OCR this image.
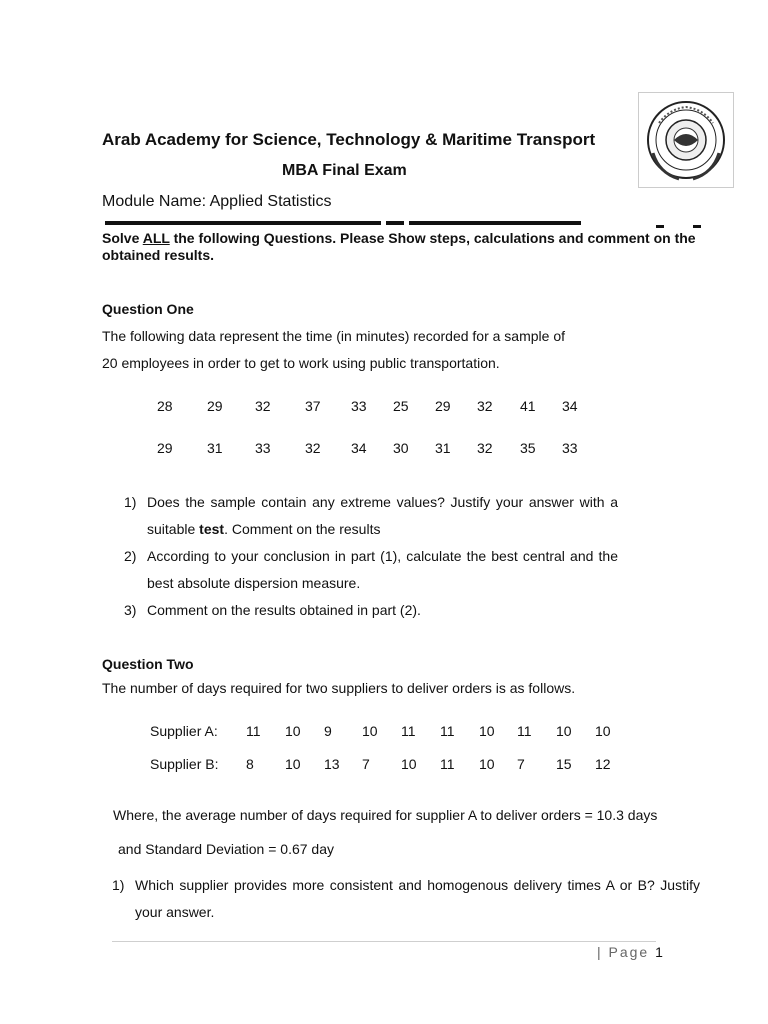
Arab Academy for Science, Technology & Maritime Transport
MBA Final Exam
Module Name: Applied Statistics
Solve ALL the following Questions. Please Show steps, calculations and comment on the obtained results.
Question One
The following data represent the time (in minutes) recorded for a sample of
20 employees in order to get to work using public transportation.
28 29 32 37 33 25 29 32 41 34
29 31 33 32 34 30 31 32 35 33
1) Does the sample contain any extreme values? Justify your answer with a suitable test. Comment on the results
2) According to your conclusion in part (1), calculate the best central and the best absolute dispersion measure.
3) Comment on the results obtained in part (2).
Question Two
The number of days required for two suppliers to deliver orders is as follows.
Supplier A: 11 10 9 10 11 11 10 11 10 10
Supplier B: 8 10 13 7 10 11 10 7 15 12
Where, the average number of days required for supplier A to deliver orders = 10.3 days
and Standard Deviation = 0.67 day
1) Which supplier provides more consistent and homogenous delivery times A or B? Justify your answer.
| Page 1
